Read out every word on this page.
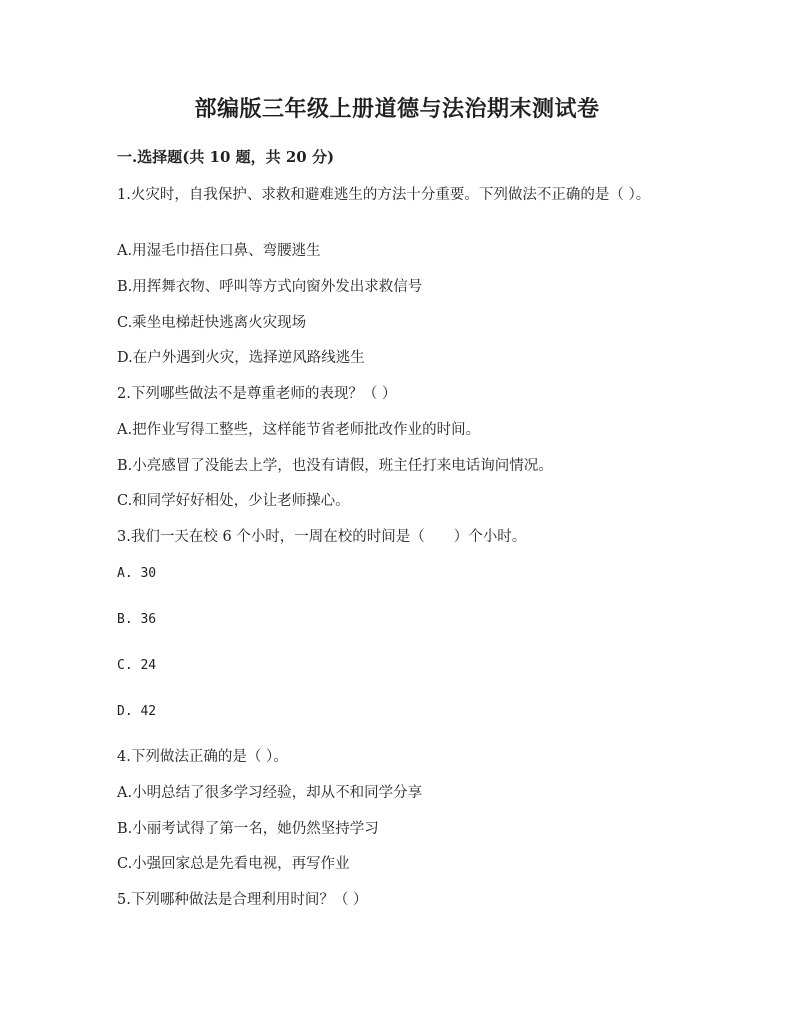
部编版三年级上册道德与法治期末测试卷
一.选择题(共 10 题，共 20 分)
1.火灾时，自我保护、求救和避难逃生的方法十分重要。下列做法不正确的是（ ）。
A.用湿毛巾捂住口鼻、弯腰逃生
B.用挥舞衣物、呼叫等方式向窗外发出求救信号
C.乘坐电梯赶快逃离火灾现场
D.在户外遇到火灾，选择逆风路线逃生
2.下列哪些做法不是尊重老师的表现？（ ）
A.把作业写得工整些，这样能节省老师批改作业的时间。
B.小亮感冒了没能去上学，也没有请假，班主任打来电话询问情况。
C.和同学好好相处，少让老师操心。
3.我们一天在校 6 个小时，一周在校的时间是（　　）个小时。
A. 30
B. 36
C. 24
D. 42
4.下列做法正确的是（ ）。
A.小明总结了很多学习经验，却从不和同学分享
B.小丽考试得了第一名，她仍然坚持学习
C.小强回家总是先看电视，再写作业
5.下列哪种做法是合理利用时间？（ ）
